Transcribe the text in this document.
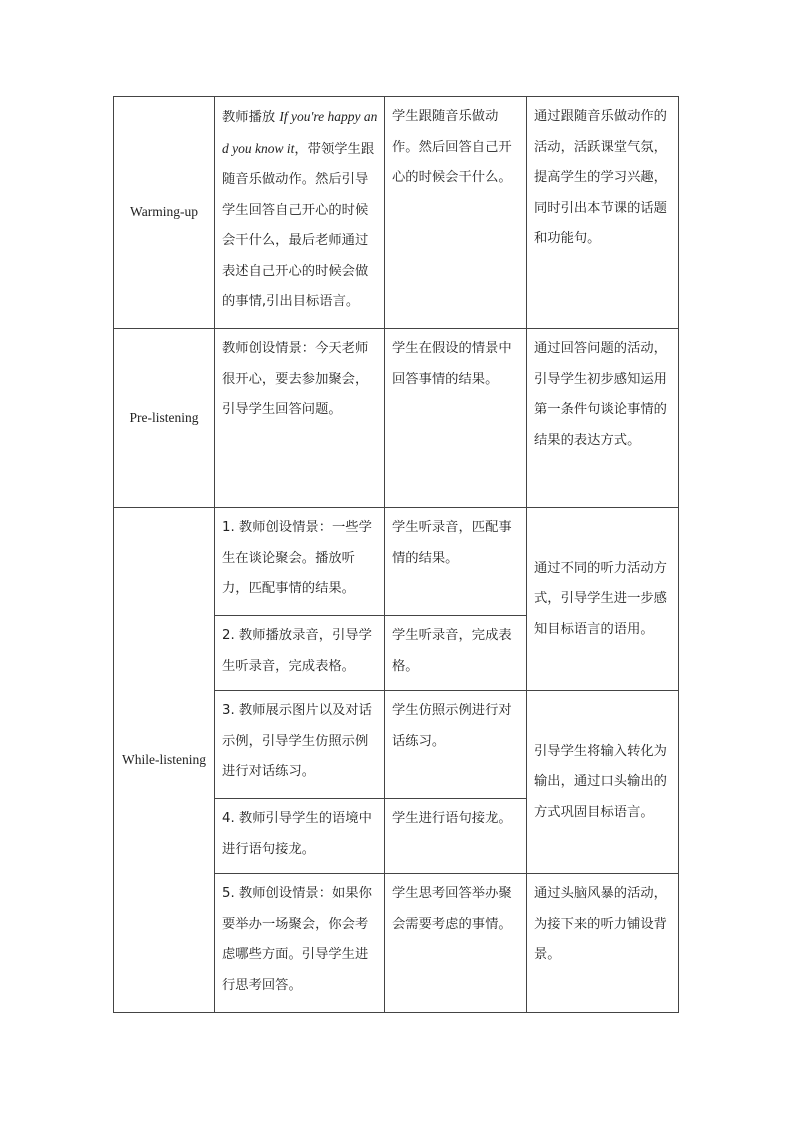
Warming-up	教师播放 If you're happy and you know it，带领学生跟随音乐做动作。然后引导学生回答自己开心的时候会干什么，最后老师通过表述自己开心的时候会做的事情,引出目标语言。	学生跟随音乐做动作。然后回答自己开心的时候会干什么。	通过跟随音乐做动作的活动，活跃课堂气氛，提高学生的学习兴趣，同时引出本节课的话题和功能句。
Pre-listening	教师创设情景：今天老师很开心，要去参加聚会，引导学生回答问题。	学生在假设的情景中回答事情的结果。	通过回答问题的活动，引导学生初步感知运用第一条件句谈论事情的结果的表达方式。
While-listening	1. 教师创设情景：一些学生在谈论聚会。播放听力，匹配事情的结果。	学生听录音，匹配事情的结果。	通过不同的听力活动方式，引导学生进一步感知目标语言的语用。
	2. 教师播放录音，引导学生听录音，完成表格。	学生听录音，完成表格。	
	3. 教师展示图片以及对话示例，引导学生仿照示例进行对话练习。	学生仿照示例进行对话练习。	引导学生将输入转化为输出，通过口头输出的方式巩固目标语言。
	4. 教师引导学生的语境中进行语句接龙。	学生进行语句接龙。	
	5. 教师创设情景：如果你要举办一场聚会，你会考虑哪些方面。引导学生进行思考回答。	学生思考回答举办聚会需要考虑的事情。	通过头脑风暴的活动，为接下来的听力铺设背景。
